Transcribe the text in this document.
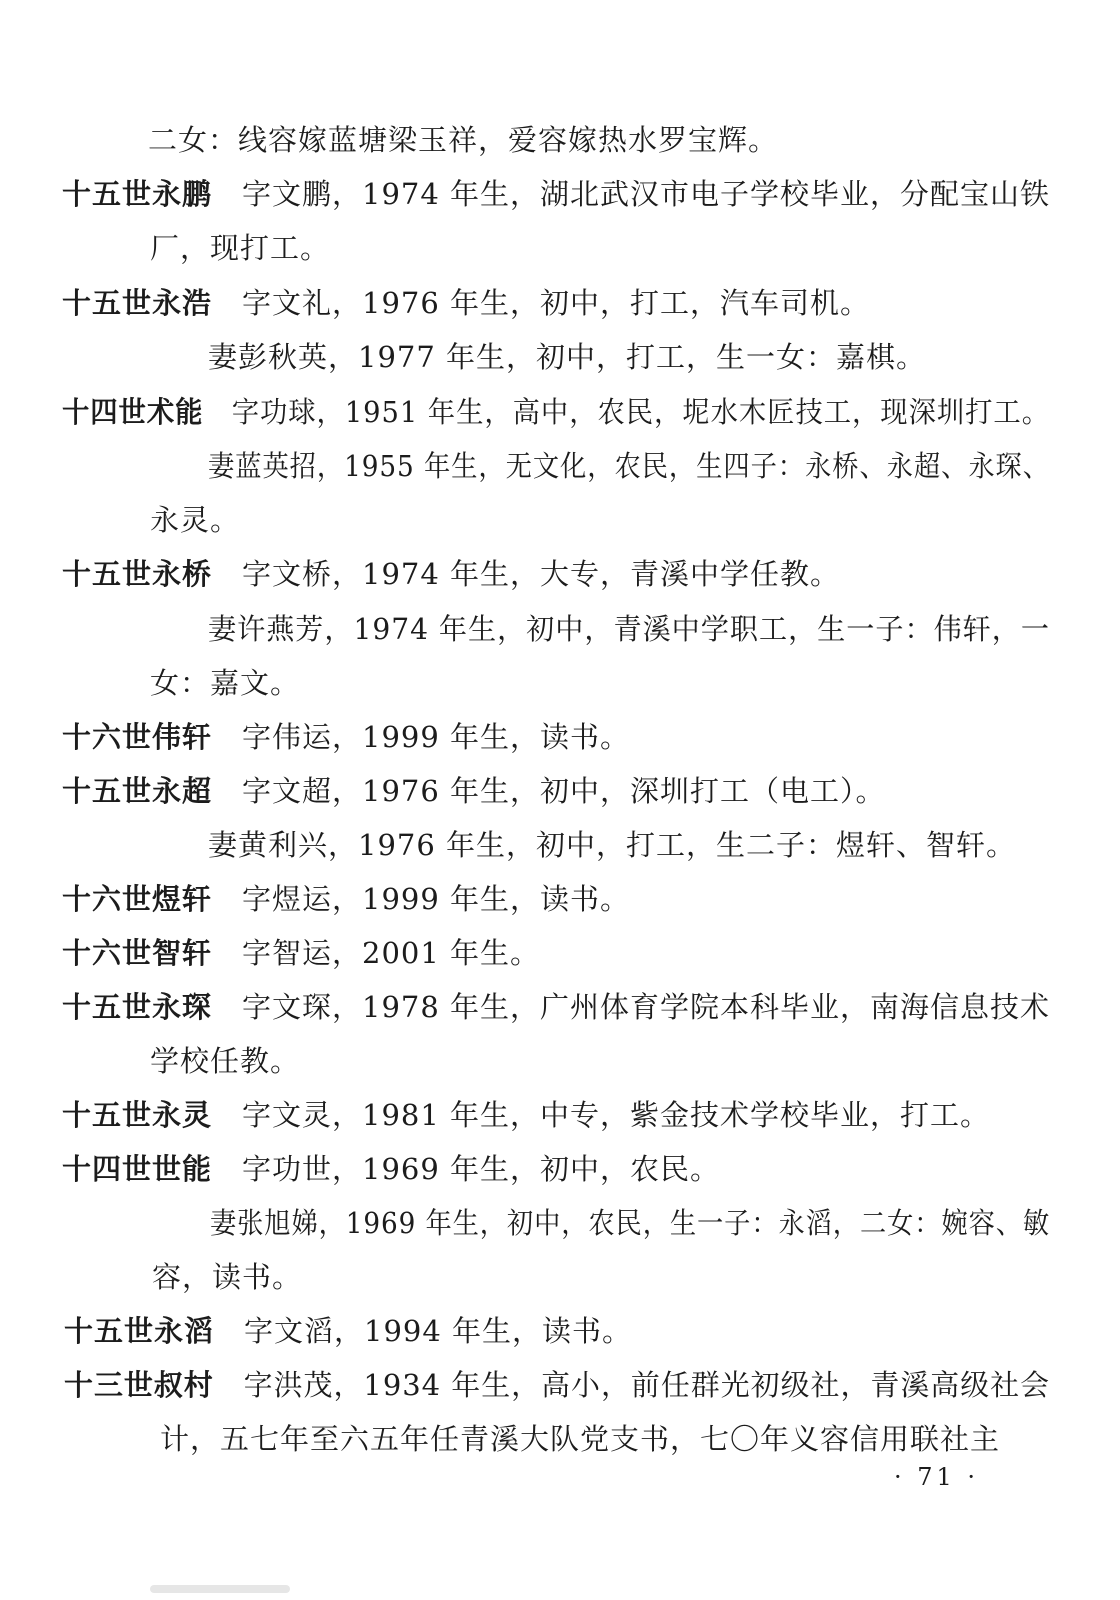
二女：线容嫁蓝塘梁玉祥，爱容嫁热水罗宝辉。
十五世永鹏 字文鹏，1974 年生，湖北武汉市电子学校毕业，分配宝山铁
厂，现打工。
十五世永浩 字文礼，1976 年生，初中，打工，汽车司机。
妻彭秋英，1977 年生，初中，打工，生一女：嘉棋。
十四世术能 字功球，1951 年生，高中，农民，坭水木匠技工，现深圳打工。
妻蓝英招，1955 年生，无文化，农民，生四子：永桥、永超、永琛、
永灵。
十五世永桥 字文桥，1974 年生，大专，青溪中学任教。
妻许燕芳，1974 年生，初中，青溪中学职工，生一子：伟轩，一
女：嘉文。
十六世伟轩 字伟运，1999 年生，读书。
十五世永超 字文超，1976 年生，初中，深圳打工（电工）。
妻黄利兴，1976 年生，初中，打工，生二子：煜轩、智轩。
十六世煜轩 字煜运，1999 年生，读书。
十六世智轩 字智运，2001 年生。
十五世永琛 字文琛，1978 年生，广州体育学院本科毕业，南海信息技术
学校任教。
十五世永灵 字文灵，1981 年生，中专，紫金技术学校毕业，打工。
十四世世能 字功世，1969 年生，初中，农民。
妻张旭娣，1969 年生，初中，农民，生一子：永滔，二女：婉容、敏
容，读书。
十五世永滔 字文滔，1994 年生，读书。
十三世叔村 字洪茂，1934 年生，高小，前任群光初级社，青溪高级社会
计，五七年至六五年任青溪大队党支书，七〇年义容信用联社主
· 71 ·
